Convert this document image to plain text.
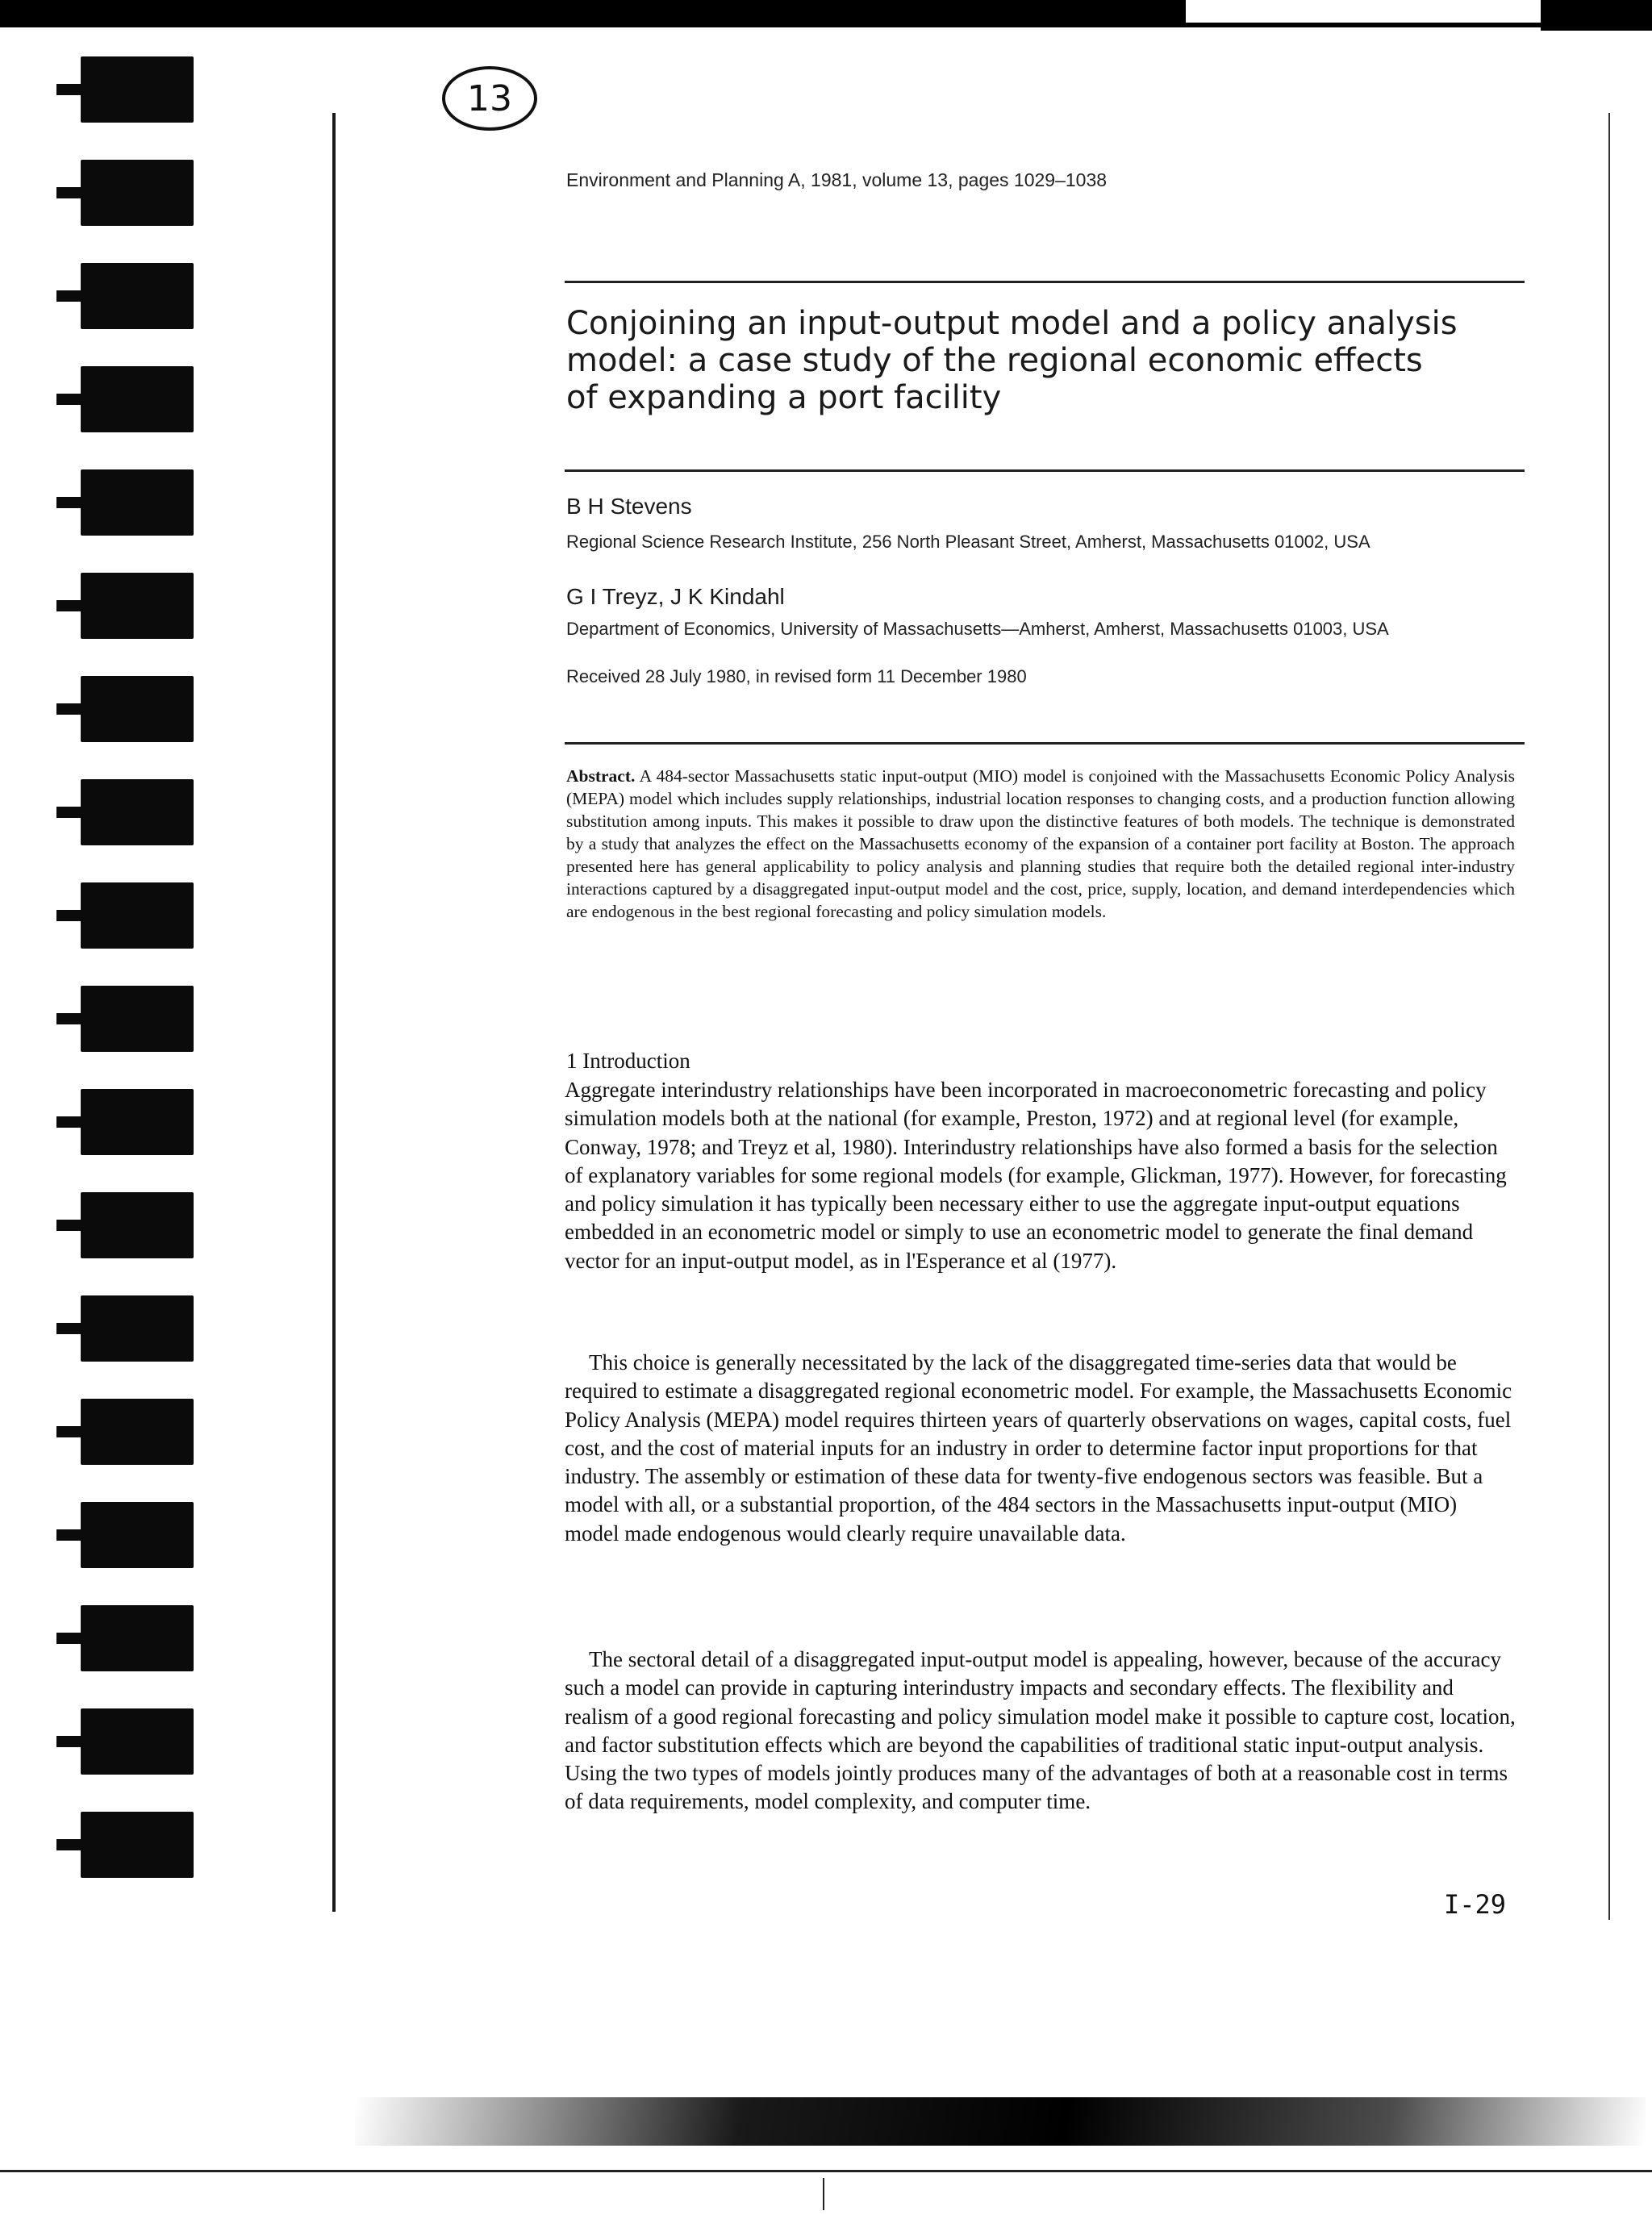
13
Environment and Planning A, 1981, volume 13, pages 1029–1038
Conjoining an input-output model and a policy analysis
model: a case study of the regional economic effects
of expanding a port facility
B H Stevens
Regional Science Research Institute, 256 North Pleasant Street, Amherst, Massachusetts 01002, USA
G I Treyz, J K Kindahl
Department of Economics, University of Massachusetts—Amherst, Amherst, Massachusetts 01003, USA
Received 28 July 1980, in revised form 11 December 1980
Abstract. A 484-sector Massachusetts static input-output (MIO) model is conjoined with the Massachusetts Economic Policy Analysis (MEPA) model which includes supply relationships, industrial location responses to changing costs, and a production function allowing substitution among inputs. This makes it possible to draw upon the distinctive features of both models. The technique is demonstrated by a study that analyzes the effect on the Massachusetts economy of the expansion of a container port facility at Boston. The approach presented here has general applicability to policy analysis and planning studies that require both the detailed regional inter-industry interactions captured by a disaggregated input-output model and the cost, price, supply, location, and demand interdependencies which are endogenous in the best regional forecasting and policy simulation models.
1 Introduction
Aggregate interindustry relationships have been incorporated in macroeconometric forecasting and policy simulation models both at the national (for example, Preston, 1972) and at regional level (for example, Conway, 1978; and Treyz et al, 1980). Interindustry relationships have also formed a basis for the selection of explanatory variables for some regional models (for example, Glickman, 1977). However, for forecasting and policy simulation it has typically been necessary either to use the aggregate input-output equations embedded in an econometric model or simply to use an econometric model to generate the final demand vector for an input-output model, as in l'Esperance et al (1977).
This choice is generally necessitated by the lack of the disaggregated time-series data that would be required to estimate a disaggregated regional econometric model. For example, the Massachusetts Economic Policy Analysis (MEPA) model requires thirteen years of quarterly observations on wages, capital costs, fuel cost, and the cost of material inputs for an industry in order to determine factor input proportions for that industry. The assembly or estimation of these data for twenty-five endogenous sectors was feasible. But a model with all, or a substantial proportion, of the 484 sectors in the Massachusetts input-output (MIO) model made endogenous would clearly require unavailable data.
The sectoral detail of a disaggregated input-output model is appealing, however, because of the accuracy such a model can provide in capturing interindustry impacts and secondary effects. The flexibility and realism of a good regional forecasting and policy simulation model make it possible to capture cost, location, and factor substitution effects which are beyond the capabilities of traditional static input-output analysis. Using the two types of models jointly produces many of the advantages of both at a reasonable cost in terms of data requirements, model complexity, and computer time.
I-29
